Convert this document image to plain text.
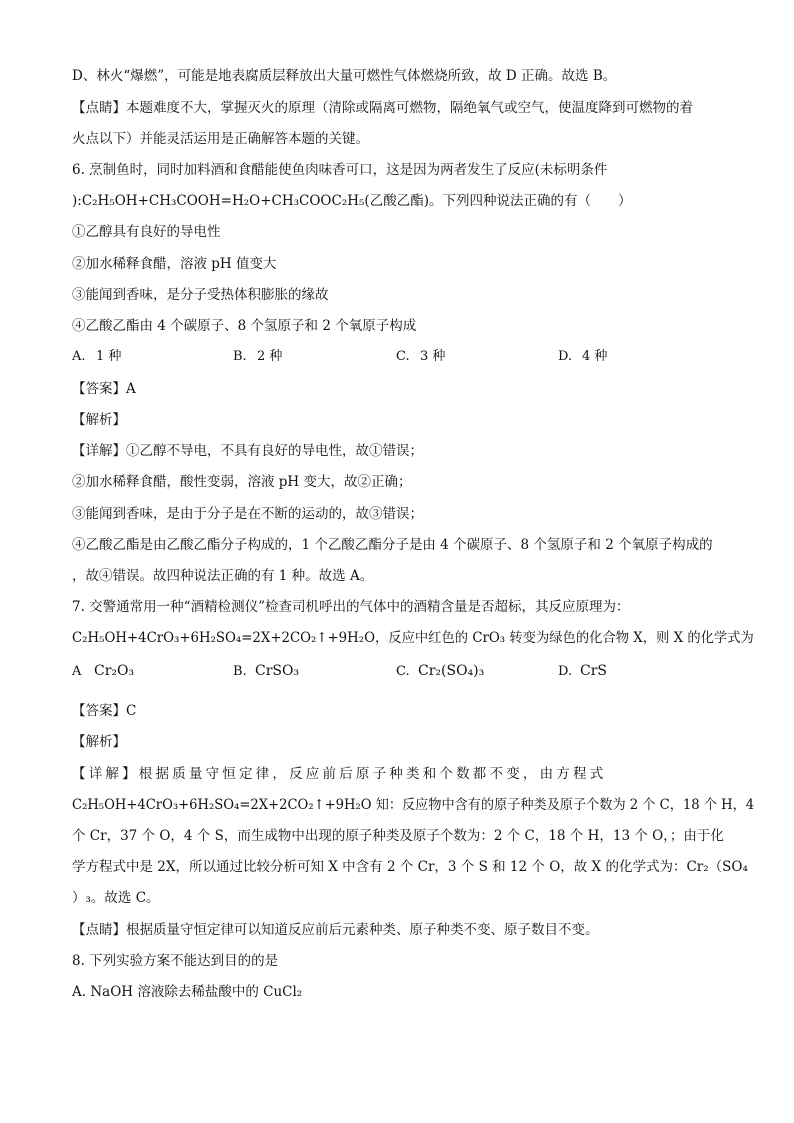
D、林火“爆燃”，可能是地表腐质层释放出大量可燃性气体燃烧所致，故 D 正确。故选 B。
【点睛】本题难度不大，掌握灭火的原理（清除或隔离可燃物，隔绝氧气或空气，使温度降到可燃物的着
火点以下）并能灵活运用是正确解答本题的关键。
6. 烹制鱼时，同时加料酒和食醋能使鱼肉味香可口，这是因为两者发生了反应(未标明条件
):C₂H₅OH+CH₃COOH=H₂O+CH₃COOC₂H₅(乙酸乙酯)。下列四种说法正确的有（　　）
①乙醇具有良好的导电性
②加水稀释食醋，溶液 pH 值变大
③能闻到香味，是分子受热体积膨胀的缘故
④乙酸乙酯由 4 个碳原子、8 个氢原子和 2 个氧原子构成
A. 1 种	B. 2 种	C. 3 种	D. 4 种
【答案】A
【解析】
【详解】①乙醇不导电，不具有良好的导电性，故①错误；
②加水稀释食醋，酸性变弱，溶液 pH 变大，故②正确；
③能闻到香味，是由于分子是在不断的运动的，故③错误；
④乙酸乙酯是由乙酸乙酯分子构成的，1 个乙酸乙酯分子是由 4 个碳原子、8 个氢原子和 2 个氧原子构成的
，故④错误。故四种说法正确的有 1 种。故选 A。
7. 交警通常用一种“酒精检测仪”检查司机呼出的气体中的酒精含量是否超标，其反应原理为：
C₂H₅OH+4CrO₃+6H₂SO₄=2X+2CO₂↑+9H₂O，反应中红色的 CrO₃ 转变为绿色的化合物 X，则 X 的化学式为
A Cr₂O₃	B. CrSO₃	C. Cr₂(SO₄)₃	D. CrS
【答案】C
【解析】
【详解】根据质量守恒定律，反应前后原子种类和个数都不变，由方程式
C₂H₅OH+4CrO₃+6H₂SO₄=2X+2CO₂↑+9H₂O 知：反应物中含有的原子种类及原子个数为 2 个 C，18 个 H，4
个 Cr，37 个 O，4 个 S，而生成物中出现的原子种类及原子个数为：2 个 C，18 个 H，13 个 O，；由于化
学方程式中是 2X，所以通过比较分析可知 X 中含有 2 个 Cr，3 个 S 和 12 个 O，故 X 的化学式为：Cr₂（SO₄
）₃。故选 C。
【点睛】根据质量守恒定律可以知道反应前后元素种类、原子种类不变、原子数目不变。
8. 下列实验方案不能达到目的的是
A. NaOH 溶液除去稀盐酸中的 CuCl₂
